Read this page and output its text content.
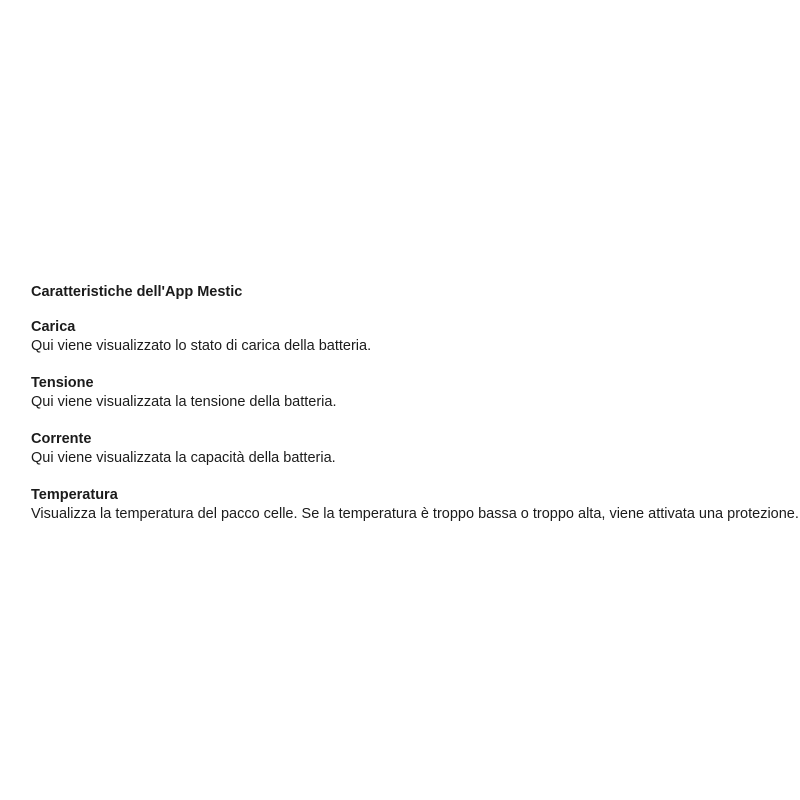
Caratteristiche dell'App Mestic

Carica

Qui viene visualizzato lo stato di carica della batteria.

Tensione

Qui viene visualizzata la tensione della batteria.

Corrente

Qui viene visualizzata la capacità della batteria.

Temperatura

Visualizza la temperatura del pacco celle. Se la temperatura è troppo bassa o troppo alta, viene attivata una protezione.
